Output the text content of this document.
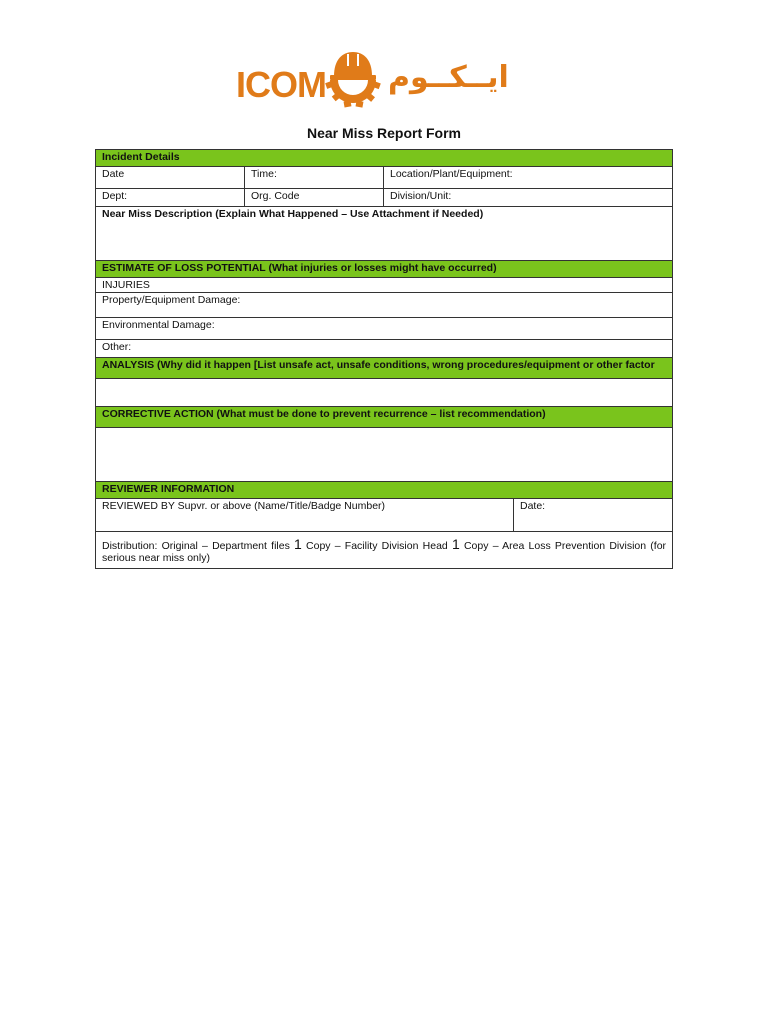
ICOM ايــكــوم
Near Miss Report Form
Incident Details			
Date	Time:	Location/Plant/Equipment:	
Dept:	Org. Code	Division/Unit:	
Near Miss Description (Explain What Happened – Use Attachment if Needed)			
ESTIMATE OF LOSS POTENTIAL (What injuries or losses might have occurred)			
INJURIES			
Property/Equipment Damage:			
Environmental Damage:			
Other:			
ANALYSIS (Why did it happen [List unsafe act, unsafe conditions, wrong procedures/equipment or other factor			

CORRECTIVE ACTION (What must be done to prevent recurrence – list recommendation)			

REVIEWER INFORMATION			
REVIEWED BY Supvr. or above (Name/Title/Badge Number)			Date:
Distribution: Original – Department files 1 Copy – Facility Division Head 1 Copy – Area Loss Prevention Division (for serious near miss only)			
